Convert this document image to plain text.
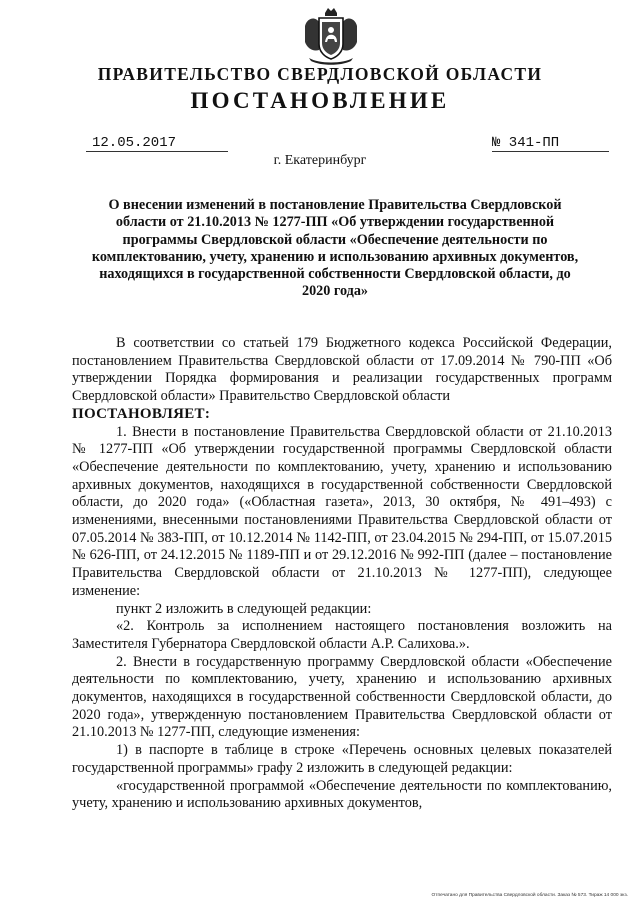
ПРАВИТЕЛЬСТВО СВЕРДЛОВСКОЙ ОБЛАСТИ
ПОСТАНОВЛЕНИЕ
12.05.2017	№ 341-ПП
г. Екатеринбург
О внесении изменений в постановление Правительства Свердловской области от 21.10.2013 № 1277-ПП «Об утверждении государственной программы Свердловской области «Обеспечение деятельности по комплектованию, учету, хранению и использованию архивных документов, находящихся в государственной собственности Свердловской области, до 2020 года»

В соответствии со статьей 179 Бюджетного кодекса Российской Федерации, постановлением Правительства Свердловской области от 17.09.2014 № 790-ПП «Об утверждении Порядка формирования и реализации государственных программ Свердловской области» Правительство Свердловской области

ПОСТАНОВЛЯЕТ:

1. Внести в постановление Правительства Свердловской области от 21.10.2013 № 1277-ПП «Об утверждении государственной программы Свердловской области «Обеспечение деятельности по комплектованию, учету, хранению и использованию архивных документов, находящихся в государственной собственности Свердловской области, до 2020 года» («Областная газета», 2013, 30 октября, № 491–493) с изменениями, внесенными постановлениями Правительства Свердловской области от 07.05.2014 № 383-ПП, от 10.12.2014 № 1142-ПП, от 23.04.2015 № 294-ПП, от 15.07.2015 № 626-ПП, от 24.12.2015 № 1189-ПП и от 29.12.2016 № 992-ПП (далее – постановление Правительства Свердловской области от 21.10.2013 № 1277-ПП), следующее изменение:

пункт 2 изложить в следующей редакции:

«2. Контроль за исполнением настоящего постановления возложить на Заместителя Губернатора Свердловской области А.Р. Салихова.».

2. Внести в государственную программу Свердловской области «Обеспечение деятельности по комплектованию, учету, хранению и использованию архивных документов, находящихся в государственной собственности Свердловской области, до 2020 года», утвержденную постановлением Правительства Свердловской области от 21.10.2013 № 1277-ПП, следующие изменения:

1) в паспорте в таблице в строке «Перечень основных целевых показателей государственной программы» графу 2 изложить в следующей редакции:

«государственной программой «Обеспечение деятельности по комплектованию, учету, хранению и использованию архивных документов,

Отпечатано для Правительства Свердловской области. Заказ № 573. Тираж 14 000 экз.
